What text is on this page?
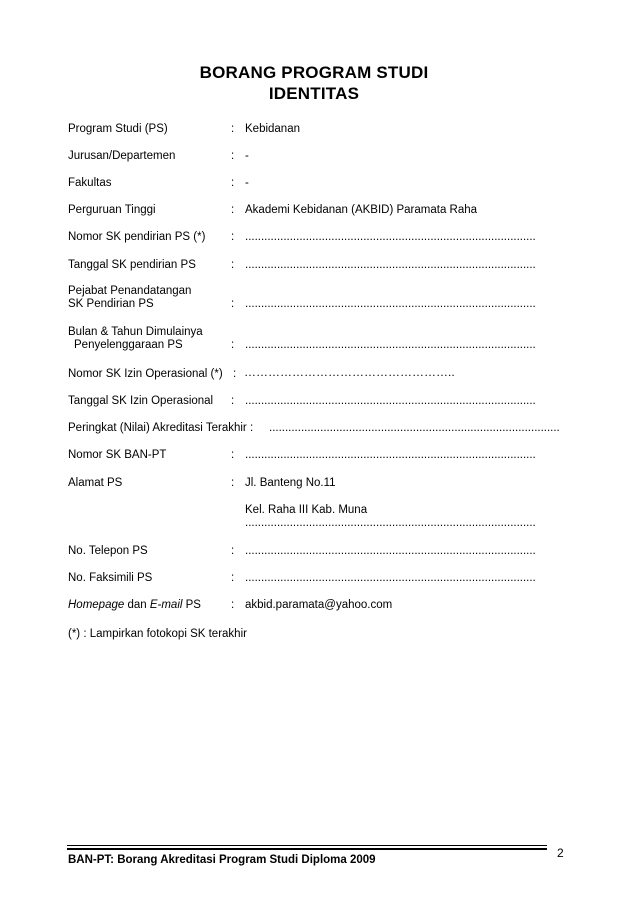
BORANG PROGRAM STUDI
IDENTITAS
Program Studi (PS)	: Kebidanan
Jurusan/Departemen	: -
Fakultas	: -
Perguruan Tinggi	: Akademi Kebidanan (AKBID) Paramata Raha
Nomor SK pendirian PS (*) : ...........................................................................................
Tanggal SK pendirian PS	: ...........................................................................................
Pejabat Penandatangan
SK Pendirian PS	: ...........................................................................................
Bulan & Tahun Dimulainya
Penyelenggaraan PS	: ...........................................................................................
Nomor SK Izin Operasional (*) : ……………………………………………..
Tanggal SK Izin Operasional : ...........................................................................................
Peringkat (Nilai) Akreditasi Terakhir : ...........................................................................................
Nomor SK BAN-PT	: ...........................................................................................
Alamat PS	: Jl. Banteng No.11
Kel. Raha III Kab. Muna
...........................................................................................
No. Telepon PS	: ...........................................................................................
No. Faksimili PS	: ...........................................................................................
Homepage dan E-mail PS	: akbid.paramata@yahoo.com
(*) : Lampirkan fotokopi SK terakhir
BAN-PT: Borang Akreditasi Program Studi Diploma 2009	2
